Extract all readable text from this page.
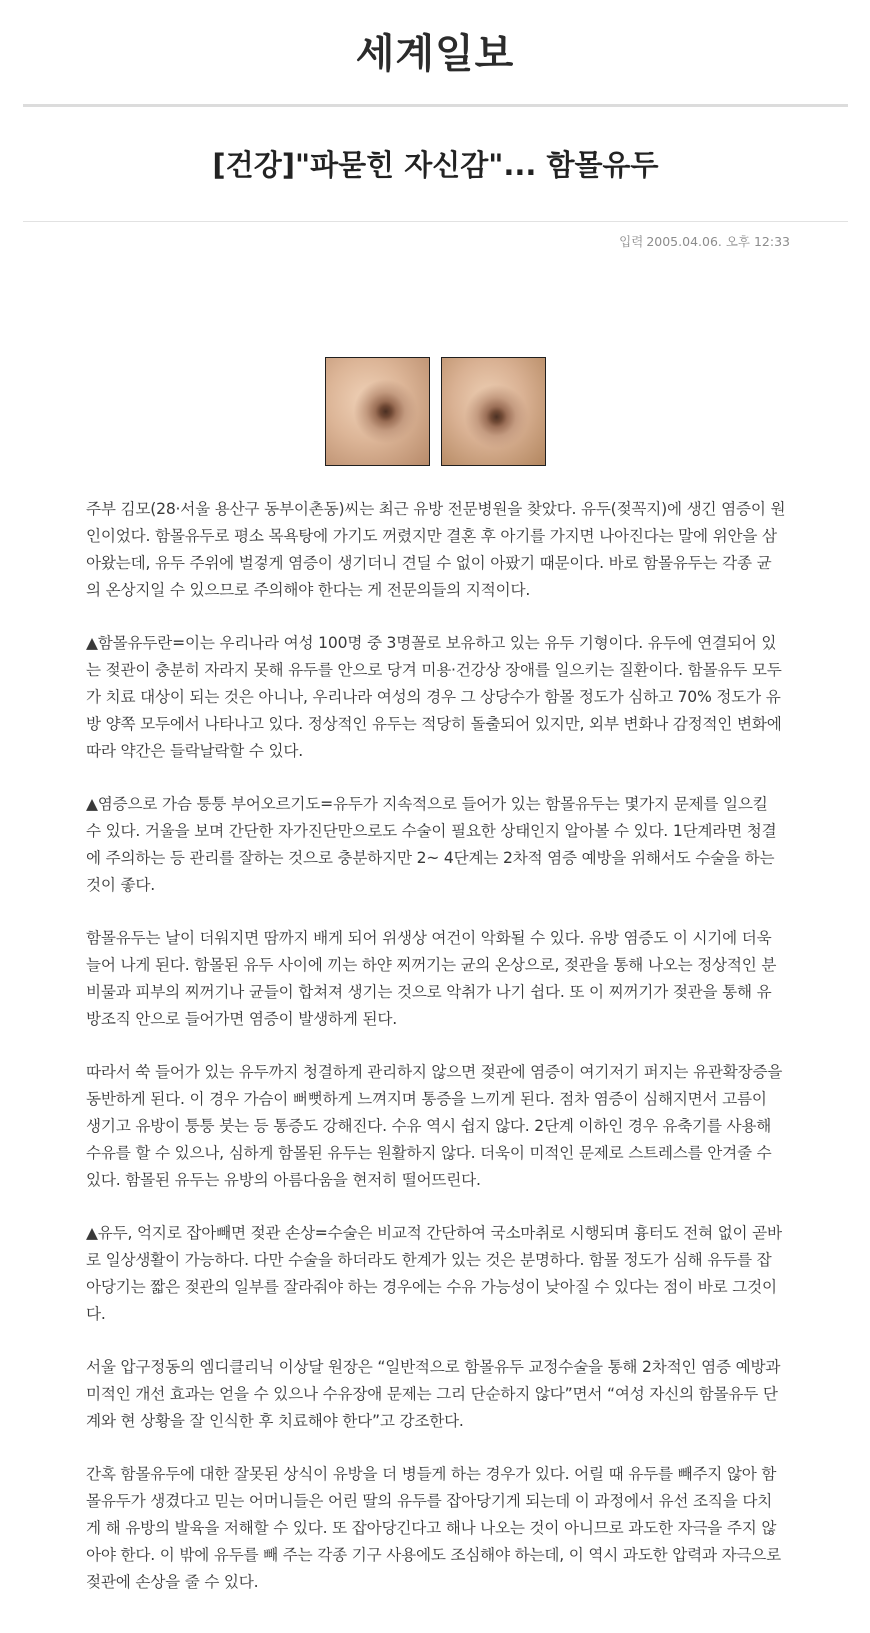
세계일보
[건강]"파묻힌 자신감"... 함몰유두
입력 2005.04.06. 오후 12:33

주부 김모(28·서울 용산구 동부이촌동)씨는 최근 유방 전문병원을 찾았다. 유두(젖꼭지)에 생긴 염증이 원인이었다. 함몰유두로 평소 목욕탕에 가기도 꺼렸지만 결혼 후 아기를 가지면 나아진다는 말에 위안을 삼아왔는데, 유두 주위에 벌겋게 염증이 생기더니 견딜 수 없이 아팠기 때문이다. 바로 함몰유두는 각종 균의 온상지일 수 있으므로 주의해야 한다는 게 전문의들의 지적이다.

▲함몰유두란=이는 우리나라 여성 100명 중 3명꼴로 보유하고 있는 유두 기형이다. 유두에 연결되어 있는 젖관이 충분히 자라지 못해 유두를 안으로 당겨 미용·건강상 장애를 일으키는 질환이다. 함몰유두 모두가 치료 대상이 되는 것은 아니나, 우리나라 여성의 경우 그 상당수가 함몰 정도가 심하고 70% 정도가 유방 양쪽 모두에서 나타나고 있다. 정상적인 유두는 적당히 돌출되어 있지만, 외부 변화나 감정적인 변화에 따라 약간은 들락날락할 수 있다.

▲염증으로 가슴 퉁퉁 부어오르기도=유두가 지속적으로 들어가 있는 함몰유두는 몇가지 문제를 일으킬 수 있다. 거울을 보며 간단한 자가진단만으로도 수술이 필요한 상태인지 알아볼 수 있다. 1단계라면 청결에 주의하는 등 관리를 잘하는 것으로 충분하지만 2~ 4단계는 2차적 염증 예방을 위해서도 수술을 하는 것이 좋다.

함몰유두는 날이 더워지면 땀까지 배게 되어 위생상 여건이 악화될 수 있다. 유방 염증도 이 시기에 더욱 늘어 나게 된다. 함몰된 유두 사이에 끼는 하얀 찌꺼기는 균의 온상으로, 젖관을 통해 나오는 정상적인 분비물과 피부의 찌꺼기나 균들이 합쳐져 생기는 것으로 악취가 나기 쉽다. 또 이 찌꺼기가 젖관을 통해 유방조직 안으로 들어가면 염증이 발생하게 된다.

따라서 쑥 들어가 있는 유두까지 청결하게 관리하지 않으면 젖관에 염증이 여기저기 퍼지는 유관확장증을 동반하게 된다. 이 경우 가슴이 뻐뻣하게 느껴지며 통증을 느끼게 된다. 점차 염증이 심해지면서 고름이 생기고 유방이 퉁퉁 붓는 등 통증도 강해진다. 수유 역시 쉽지 않다. 2단계 이하인 경우 유축기를 사용해 수유를 할 수 있으나, 심하게 함몰된 유두는 원활하지 않다. 더욱이 미적인 문제로 스트레스를 안겨줄 수 있다. 함몰된 유두는 유방의 아름다움을 현저히 떨어뜨린다.

▲유두, 억지로 잡아빼면 젖관 손상=수술은 비교적 간단하여 국소마취로 시행되며 흉터도 전혀 없이 곧바로 일상생활이 가능하다. 다만 수술을 하더라도 한계가 있는 것은 분명하다. 함몰 정도가 심해 유두를 잡아당기는 짧은 젖관의 일부를 잘라줘야 하는 경우에는 수유 가능성이 낮아질 수 있다는 점이 바로 그것이다.

서울 압구정동의 엠디클리닉 이상달 원장은 “일반적으로 함몰유두 교정수술을 통해 2차적인 염증 예방과 미적인 개선 효과는 얻을 수 있으나 수유장애 문제는 그리 단순하지 않다”면서 “여성 자신의 함몰유두 단계와 현 상황을 잘 인식한 후 치료해야 한다”고 강조한다.

간혹 함몰유두에 대한 잘못된 상식이 유방을 더 병들게 하는 경우가 있다. 어릴 때 유두를 빼주지 않아 함몰유두가 생겼다고 믿는 어머니들은 어린 딸의 유두를 잡아당기게 되는데 이 과정에서 유선 조직을 다치게 해 유방의 발육을 저해할 수 있다. 또 잡아당긴다고 해나 나오는 것이 아니므로 과도한 자극을 주지 않아야 한다. 이 밖에 유두를 빼 주는 각종 기구 사용에도 조심해야 하는데, 이 역시 과도한 압력과 자극으로 젖관에 손상을 줄 수 있다.
